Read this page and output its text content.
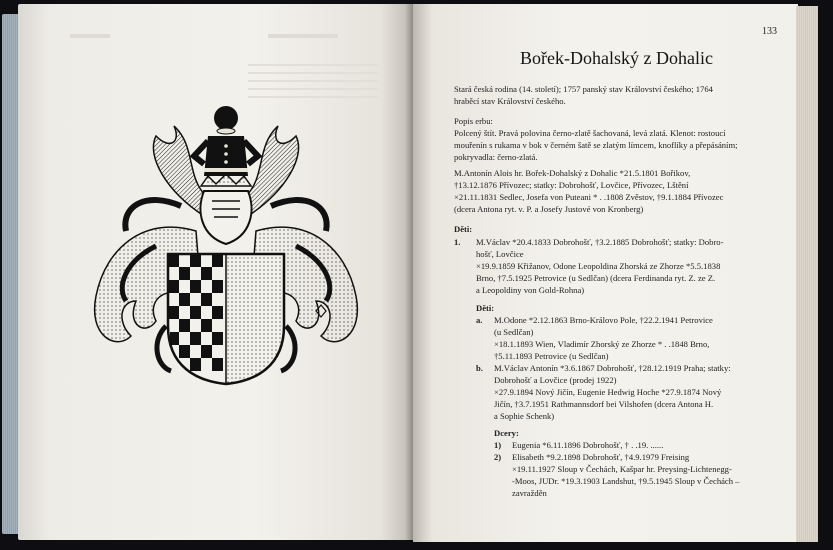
133
Bořek-Dohalský z Dohalic
Stará česká rodina (14. století); 1757 panský stav Království českého; 1764
hraběcí stav Království českého.
Popis erbu:
Polcený štít. Pravá polovina černo-zlatě šachovaná, levá zlatá. Klenot: rostoucí
mouřenín s rukama v bok v černém šatě se zlatým límcem, knoflíky a přepásáním;
pokryvadla: černo-zlatá.
M.Antonín Alois hr. Bořek-Dohalský z Dohalic *21.5.1801 Bořikov,
†13.12.1876 Přívozec; statky: Dobrohošť, Lovčice, Přívozec, Lštění
×21.11.1831 Sedlec, Josefa von Puteani * . .1808 Zvěstov, †9.1.1884 Přívozec
(dcera Antona ryt. v. P. a Josefy Justové von Kronberg)
Děti:
1. M.Václav *20.4.1833 Dobrohošť, †3.2.1885 Dobrohošť; statky: Dobro-
hošť, Lovčice
×19.9.1859 Křižanov, Odone Leopoldina Zhorská ze Zhorze *5.5.1838
Brno, †7.5.1925 Petrovice (u Sedlčan) (dcera Ferdinanda ryt. Z. ze Z.
a Leopoldiny von Gold-Rohna)
Děti:
a. M.Odone *2.12.1863 Brno-Královo Pole, †22.2.1941 Petrovice
(u Sedlčan)
×18.1.1893 Wien, Vladimír Zhorský ze Zhorze * . .1848 Brno,
†5.11.1893 Petrovice (u Sedlčan)
b. M.Václav Antonín *3.6.1867 Dobrohošť, †28.12.1919 Praha; statky:
Dobrohošť a Lovčice (prodej 1922)
×27.9.1894 Nový Jičín, Eugenie Hedwig Hoche *27.9.1874 Nový
Jičín, †3.7.1951 Rathmannsdorf bei Vilshofen (dcera Antona H.
a Sophie Schenk)
Dcery:
1) Eugenia *6.11.1896 Dobrohošť, † . .19. ......
2) Elisabeth *9.2.1898 Dobrohošť, †4.9.1979 Freising
×19.11.1927 Sloup v Čechách, Kašpar hr. Preysing-Lichtenegg-
-Moos, JUDr. *19.3.1903 Landshut, †9.5.1945 Sloup v Čechách –
zavražděn
